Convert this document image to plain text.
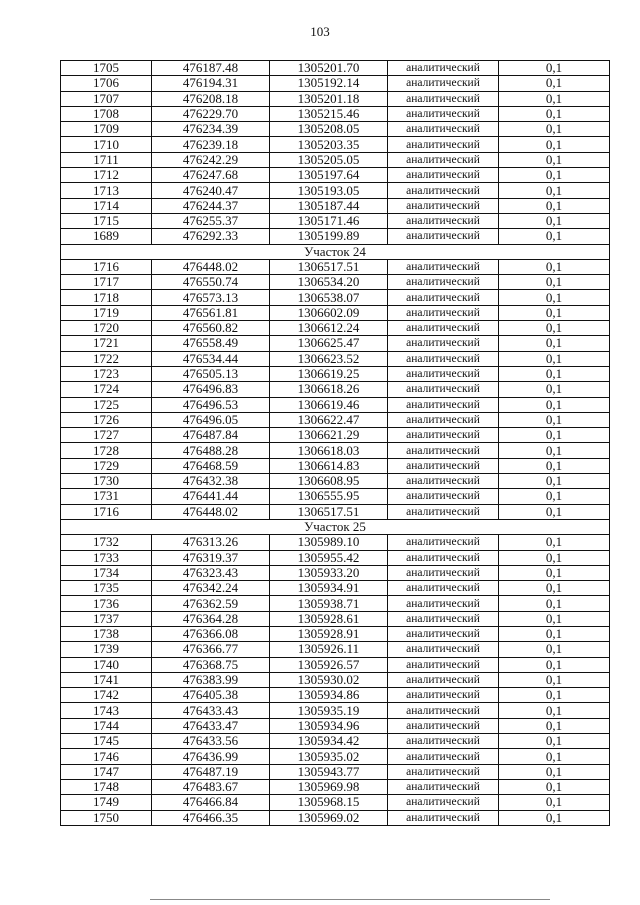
103
1705	476187.48	1305201.70	аналитический	0,1
1706	476194.31	1305192.14	аналитический	0,1
1707	476208.18	1305201.18	аналитический	0,1
1708	476229.70	1305215.46	аналитический	0,1
1709	476234.39	1305208.05	аналитический	0,1
1710	476239.18	1305203.35	аналитический	0,1
1711	476242.29	1305205.05	аналитический	0,1
1712	476247.68	1305197.64	аналитический	0,1
1713	476240.47	1305193.05	аналитический	0,1
1714	476244.37	1305187.44	аналитический	0,1
1715	476255.37	1305171.46	аналитический	0,1
1689	476292.33	1305199.89	аналитический	0,1
Участок 24				
1716	476448.02	1306517.51	аналитический	0,1
1717	476550.74	1306534.20	аналитический	0,1
1718	476573.13	1306538.07	аналитический	0,1
1719	476561.81	1306602.09	аналитический	0,1
1720	476560.82	1306612.24	аналитический	0,1
1721	476558.49	1306625.47	аналитический	0,1
1722	476534.44	1306623.52	аналитический	0,1
1723	476505.13	1306619.25	аналитический	0,1
1724	476496.83	1306618.26	аналитический	0,1
1725	476496.53	1306619.46	аналитический	0,1
1726	476496.05	1306622.47	аналитический	0,1
1727	476487.84	1306621.29	аналитический	0,1
1728	476488.28	1306618.03	аналитический	0,1
1729	476468.59	1306614.83	аналитический	0,1
1730	476432.38	1306608.95	аналитический	0,1
1731	476441.44	1306555.95	аналитический	0,1
1716	476448.02	1306517.51	аналитический	0,1
Участок 25				
1732	476313.26	1305989.10	аналитический	0,1
1733	476319.37	1305955.42	аналитический	0,1
1734	476323.43	1305933.20	аналитический	0,1
1735	476342.24	1305934.91	аналитический	0,1
1736	476362.59	1305938.71	аналитический	0,1
1737	476364.28	1305928.61	аналитический	0,1
1738	476366.08	1305928.91	аналитический	0,1
1739	476366.77	1305926.11	аналитический	0,1
1740	476368.75	1305926.57	аналитический	0,1
1741	476383.99	1305930.02	аналитический	0,1
1742	476405.38	1305934.86	аналитический	0,1
1743	476433.43	1305935.19	аналитический	0,1
1744	476433.47	1305934.96	аналитический	0,1
1745	476433.56	1305934.42	аналитический	0,1
1746	476436.99	1305935.02	аналитический	0,1
1747	476487.19	1305943.77	аналитический	0,1
1748	476483.67	1305969.98	аналитический	0,1
1749	476466.84	1305968.15	аналитический	0,1
1750	476466.35	1305969.02	аналитический	0,1
